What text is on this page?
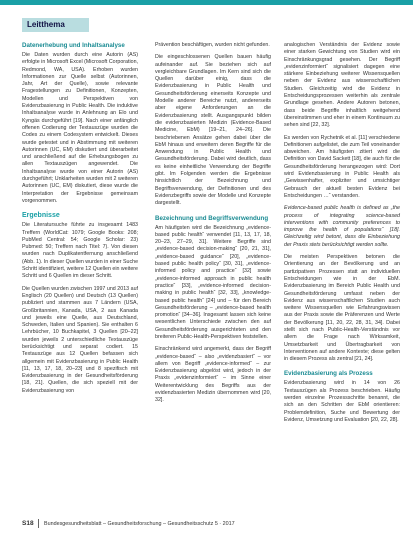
Leitthema
Datenerhebung und Inhaltsanalyse

Die Daten wurden durch eine Autorin (AS) erfolgte in Microsoft Excel (Microsoft Corporation, Redmond, WA, USA). Erhoben wurden Informationen zur Quelle selbst (Autorinnen, Jahr, Art der Quelle), sowie relevante Fragestellungen zu Definitionen, Konzepten, Modellen und Perspektiven von Evidenzbasierung in Public Health. Die induktive Inhaltsanalyse wurde in Anlehnung an Elo und Kyngäs durchgeführt [19]. Nach einer anfänglich offenen Codierung der Textauszüge wurden die Codes zu einem Codesystem entwickelt. Dieses wurde getestet und in Abstimmung mit weiteren Autorinnen (UC, EM) diskutiert und überarbeitet und anschließend auf die Erhebungsbogen zu allen Textauszügen angewendet. Die Inhaltsanalyse wurde von einer Autorin (AS) durchgeführt; Unklarheiten wurden mit 2 weiteren Autorinnen (UC, EM) diskutiert, diese wurde die Interpretation der Ergebnisse gemeinsam vorgenommen.

Ergebnisse

Die Literatursuche führte zu insgesamt 1483 Treffern (WorldCat: 1079; Google Books: 208; PubMed Central: 54; Google Scholar: 23) Pubmed: 50; Treffern nach Titel: 7). Von diesen wurden nach Duplikatentfernung anschließend (Abb. 1). In dieser Quellen wurden in einer Suche Schritt identifiziert, weitere 12 Quellen ein weitere Schritt und 6 Quellen im dieser Schritt.

Die Quellen wurden zwischen 1997 und 2013 auf Englisch (20 Quellen) und Deutsch (13 Quellen) publiziert und stammen aus 7 Ländern (USA, Großbritannien, Kanada, USA, 2 aus Kanada und jeweils eine Quelle, aus Deutschland, Schweden, Italien und Spanien). Sie enthalten 6 Lehrbücher, 10 Buchkapitel, 3 Quellen [20–22] wurden jeweils 2 unterschiedliche Textauszüge berücksichtigt und separat codiert. 15 Textauszüge aus 12 Quellen befassen sich allgemein mit Evidenzbasierung in Public Health [11, 13, 17, 18, 20–23] und 8 spezifisch mit Evidenzbasierung in der Gesundheitsförderung [18, 21]. Quellen, die sich speziell mit der Evidenzbasierung von

Prävention beschäftigen, wurden nicht gefunden.

Die eingeschlossenen Quellen bauen häufig aufeinander auf. Sie beziehen sich auf vergleichbare Grundlagen. Im Kern sind sich die Quellen darüber einig, dass die Evidenzbasierung in Public Health und Gesundheitsförderung einerseits Konzepte und Modelle anderer Bereiche nutzt, andererseits aber eigene Anforderungen an die Evidenzbasierung stellt. Ausgangspunkt bilden die evidenzbasierten Medizin (Evidence-Based Medicine, EbM) [19–21, 24–26]. Die beschriebenen Ansätze gehen dabei über die EbM hinaus und erweitern deren Begriffe für die Anwendung in Public Health und Gesundheitsförderung. Dabei wird deutlich, dass es keine einheitliche Verwendung der Begriffe gibt. Im Folgenden werden die Ergebnisse hinsichtlich der Bezeichnung und Begriffsverwendung, der Definitionen und des Evidenzbegriffs sowie der Modelle und Konzepte dargestellt.

Bezeichnung und Begriffsverwendung

Am häufigsten wird die Bezeichnung „evidence-based public health“ verwendet [11, 13, 17, 18, 20–23, 27–29, 31]. Weitere Begriffe sind „evidence-based decision-making“ [20, 21, 31], „evidence-based guidance“ [20], „evidence-based public health policy“ [30, 31], „evidence-informed policy and practice“ [32] sowie „evidence-informed approach in public health practice“ [33], „evidence-informed decision-making in public health“ [32, 33], „knowledge-based public health“ [24] und – für den Bereich Gesundheitsförderung – „evidence-based health promotion“ [34–36]. Insgesamt lassen sich keine wesentlichen Unterschiede zwischen den auf Gesundheitsförderung ausgerichteten und den breiteren Public-Health-Perspektiven feststellen.

Einschränkend wird angemerkt, dass der Begriff „evidence-based“ – also „evidenzbasiert“ – vor allem von Begriff „evidence-informed“ – zur Evidenzbasierung abgelöst wird, jedoch in der Praxis „evidenzinformiert“ – im Sinne einer Weiterentwicklung des Begriffs aus der evidenzbasierten Medizin übernommen wird [20, 32].

analogischen Verständnis der Evidenz sowie einer starken Gewichtung von Studien wird ein Einschränkungsgrad gesehen. Der Begriff „evidenzinformiert“ signalisiert dagegen eine stärkere Einbeziehung weiterer Wissensquellen neben der Evidenz aus wissenschaftlichen Studien. Gleichzeitig wird die Evidenz in Entscheidungsprozessen weiterhin als zentrale Grundlage gesehen. Andere Autoren betonen, dass beide Begriffe inhaltlich weitgehend übereinstimmen und eher in einem Kontinuum zu sehen sind [22, 32].

Es werden von Rychetnik et al. [11] verschiedene Definitionen aufgelistet, die zum Teil voneinander abweichen. Am häufigsten zitiert wird die Definition von David Sackett [18], die auch für die Gesundheitsförderung herangezogen wird: Dort wird Evidenzbasierung in Public Health als „Gewissenhafter, expliziter und umsichtiger Gebrauch der aktuell besten Evidenz bei Entscheidungen …“ verstanden.

Evidence-based public health is defined as „the process of integrating science-based interventions with community preferences to improve the health of populations“ [18]. Gleichzeitig wird betont, dass die Einbeziehung der Praxis stets berücksichtigt werden sollte.

Die meisten Perspektiven betonen die Orientierung an der Bevölkerung und an partizipativen Prozessen statt an individuellen Entscheidungen wie in der EbM. Evidenzbasierung im Bereich Public Health und Gesundheitsförderung umfasst neben der Evidenz aus wissenschaftlichen Studien auch weitere Wissensquellen wie Erfahrungswissen aus der Praxis sowie die Präferenzen und Werte der Bevölkerung [11, 20, 22, 28, 31, 34]. Dabei stellt sich nach Public-Health-Verständnis vor allem die Frage nach Wirksamkeit, Umsetzbarkeit und Übertragbarkeit von Interventionen auf andere Kontexte; diese gelten in diesem Prozess als zentral [21, 24].

Evidenzbasierung als Prozess

Evidenzbasierung wird in 14 von 26 Textauszügen als Prozess beschrieben. Häufig werden einzelne Prozessschritte benannt, die sich an den Schritten der EbM orientieren: Problemdefinition, Suche und Bewertung der Evidenz, Umsetzung und Evaluation [20, 22, 28].

S18 Bundesgesundheitsblatt – Gesundheitsforschung – Gesundheitsschutz 5 · 2017
